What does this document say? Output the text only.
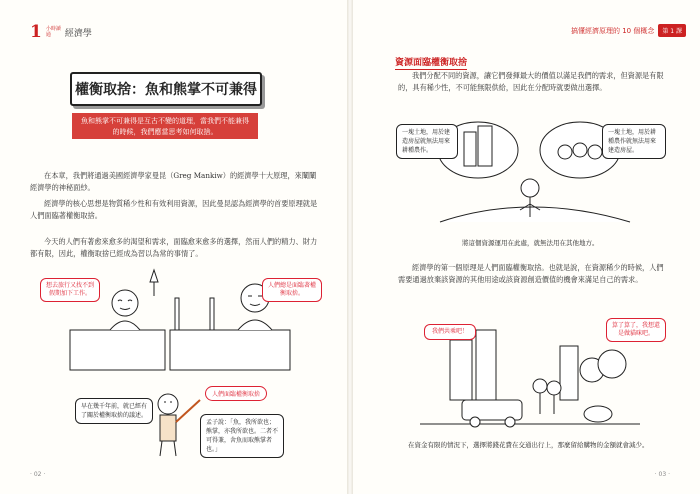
1 小時讀
通	經濟學	搞懂經濟原理的 10 個概念	第 1 課
權衡取捨：魚和熊掌不可兼得
魚和熊掌不可兼得是互古不變的道理，當我們不能兼得的時候，我們應當思考如何取捨。

在本章，我們將通過美國經濟學家曼昆（Greg Mankiw）的經濟學十大原理，來闡闡經濟學的神秘面紗。

經濟學的核心思想是物質稀少性和有效利用資源，因此曼昆認為經濟學的首要原理就是人們面臨著權衡取捨。

今天的人們有著愈來愈多的渴望和需求，面臨愈來愈多的選擇，然而人們的精力、財力都有限，因此，權衡取捨已經成為習以為常的事情了。

想去旅行又找不到假期加下工作。
人們總是面臨著權衡取捨。
人們面臨權衡取捨
早在幾千年前，就已經有了關於權衡取捨的議述。
孟子說：「魚，我所欲也；熊掌，亦我所欲也。二者不可得兼，舍魚而取熊掌者也。」
· 02 ·
資源面臨權衡取捨

我們分配不同的資源，讓它們發揮最大的價值以滿足我們的需求，但資源是有限的，具有稀少性，不可能無限供給，因此在分配時就要做出選擇。

一塊土地，用於建造房屋就無法用來耕種農作。
一塊土地，用於耕種農作就無法用來建造房屋。
將這個資源運用在此處，就無法用在其他地方。

經濟學的第一個原理是人們面臨權衡取捨。也就是說，在資源稀少的時候，人們需要通過放棄該資源的其他用途或該資源創造價值的機會來滿足自己的需求。

我們共乘吧！
算了算了，我想還是做貓咪吧。
在資金有限的情況下，選擇將錢花費在交通出行上，那麼留給購物的金額就會減少。
· 03 ·
